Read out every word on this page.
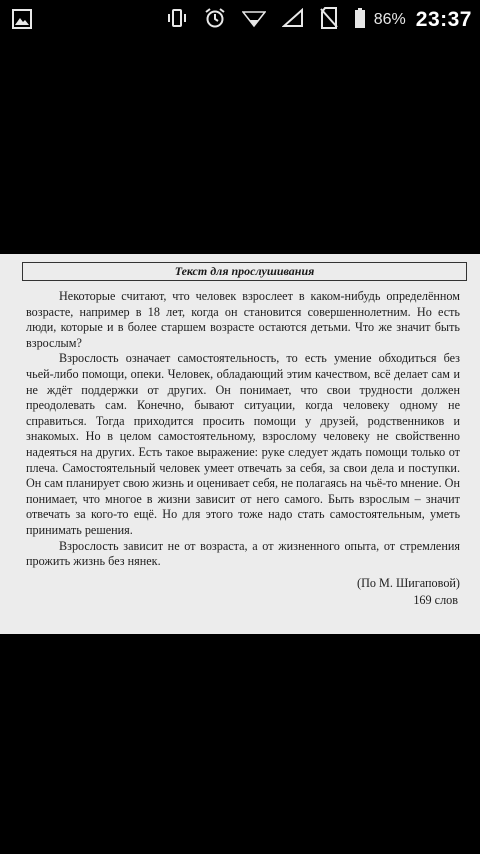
86% 23:37
Текст для прослушивания

Некоторые считают, что человек взрослеет в каком-нибудь определённом возрасте, например в 18 лет, когда он становится совершеннолетним. Но есть люди, которые и в более старшем возрасте остаются детьми. Что же значит быть взрослым?

Взрослость означает самостоятельность, то есть умение обходиться без чьей-либо помощи, опеки. Человек, обладающий этим качеством, всё делает сам и не ждёт поддержки от других. Он понимает, что свои трудности должен преодолевать сам. Конечно, бывают ситуации, когда человеку одному не справиться. Тогда приходится просить помощи у друзей, родственников и знакомых. Но в целом самостоятельному, взрослому человеку не свойственно надеяться на других. Есть такое выражение: руке следует ждать помощи только от плеча. Самостоятельный человек умеет отвечать за себя, за свои дела и поступки. Он сам планирует свою жизнь и оценивает себя, не полагаясь на чьё-то мнение. Он понимает, что многое в жизни зависит от него самого. Быть взрослым – значит отвечать за кого-то ещё. Но для этого тоже надо стать самостоятельным, уметь принимать решения.

Взрослость зависит не от возраста, а от жизненного опыта, от стремления прожить жизнь без нянек.

(По М. Шигаповой)
169 слов
